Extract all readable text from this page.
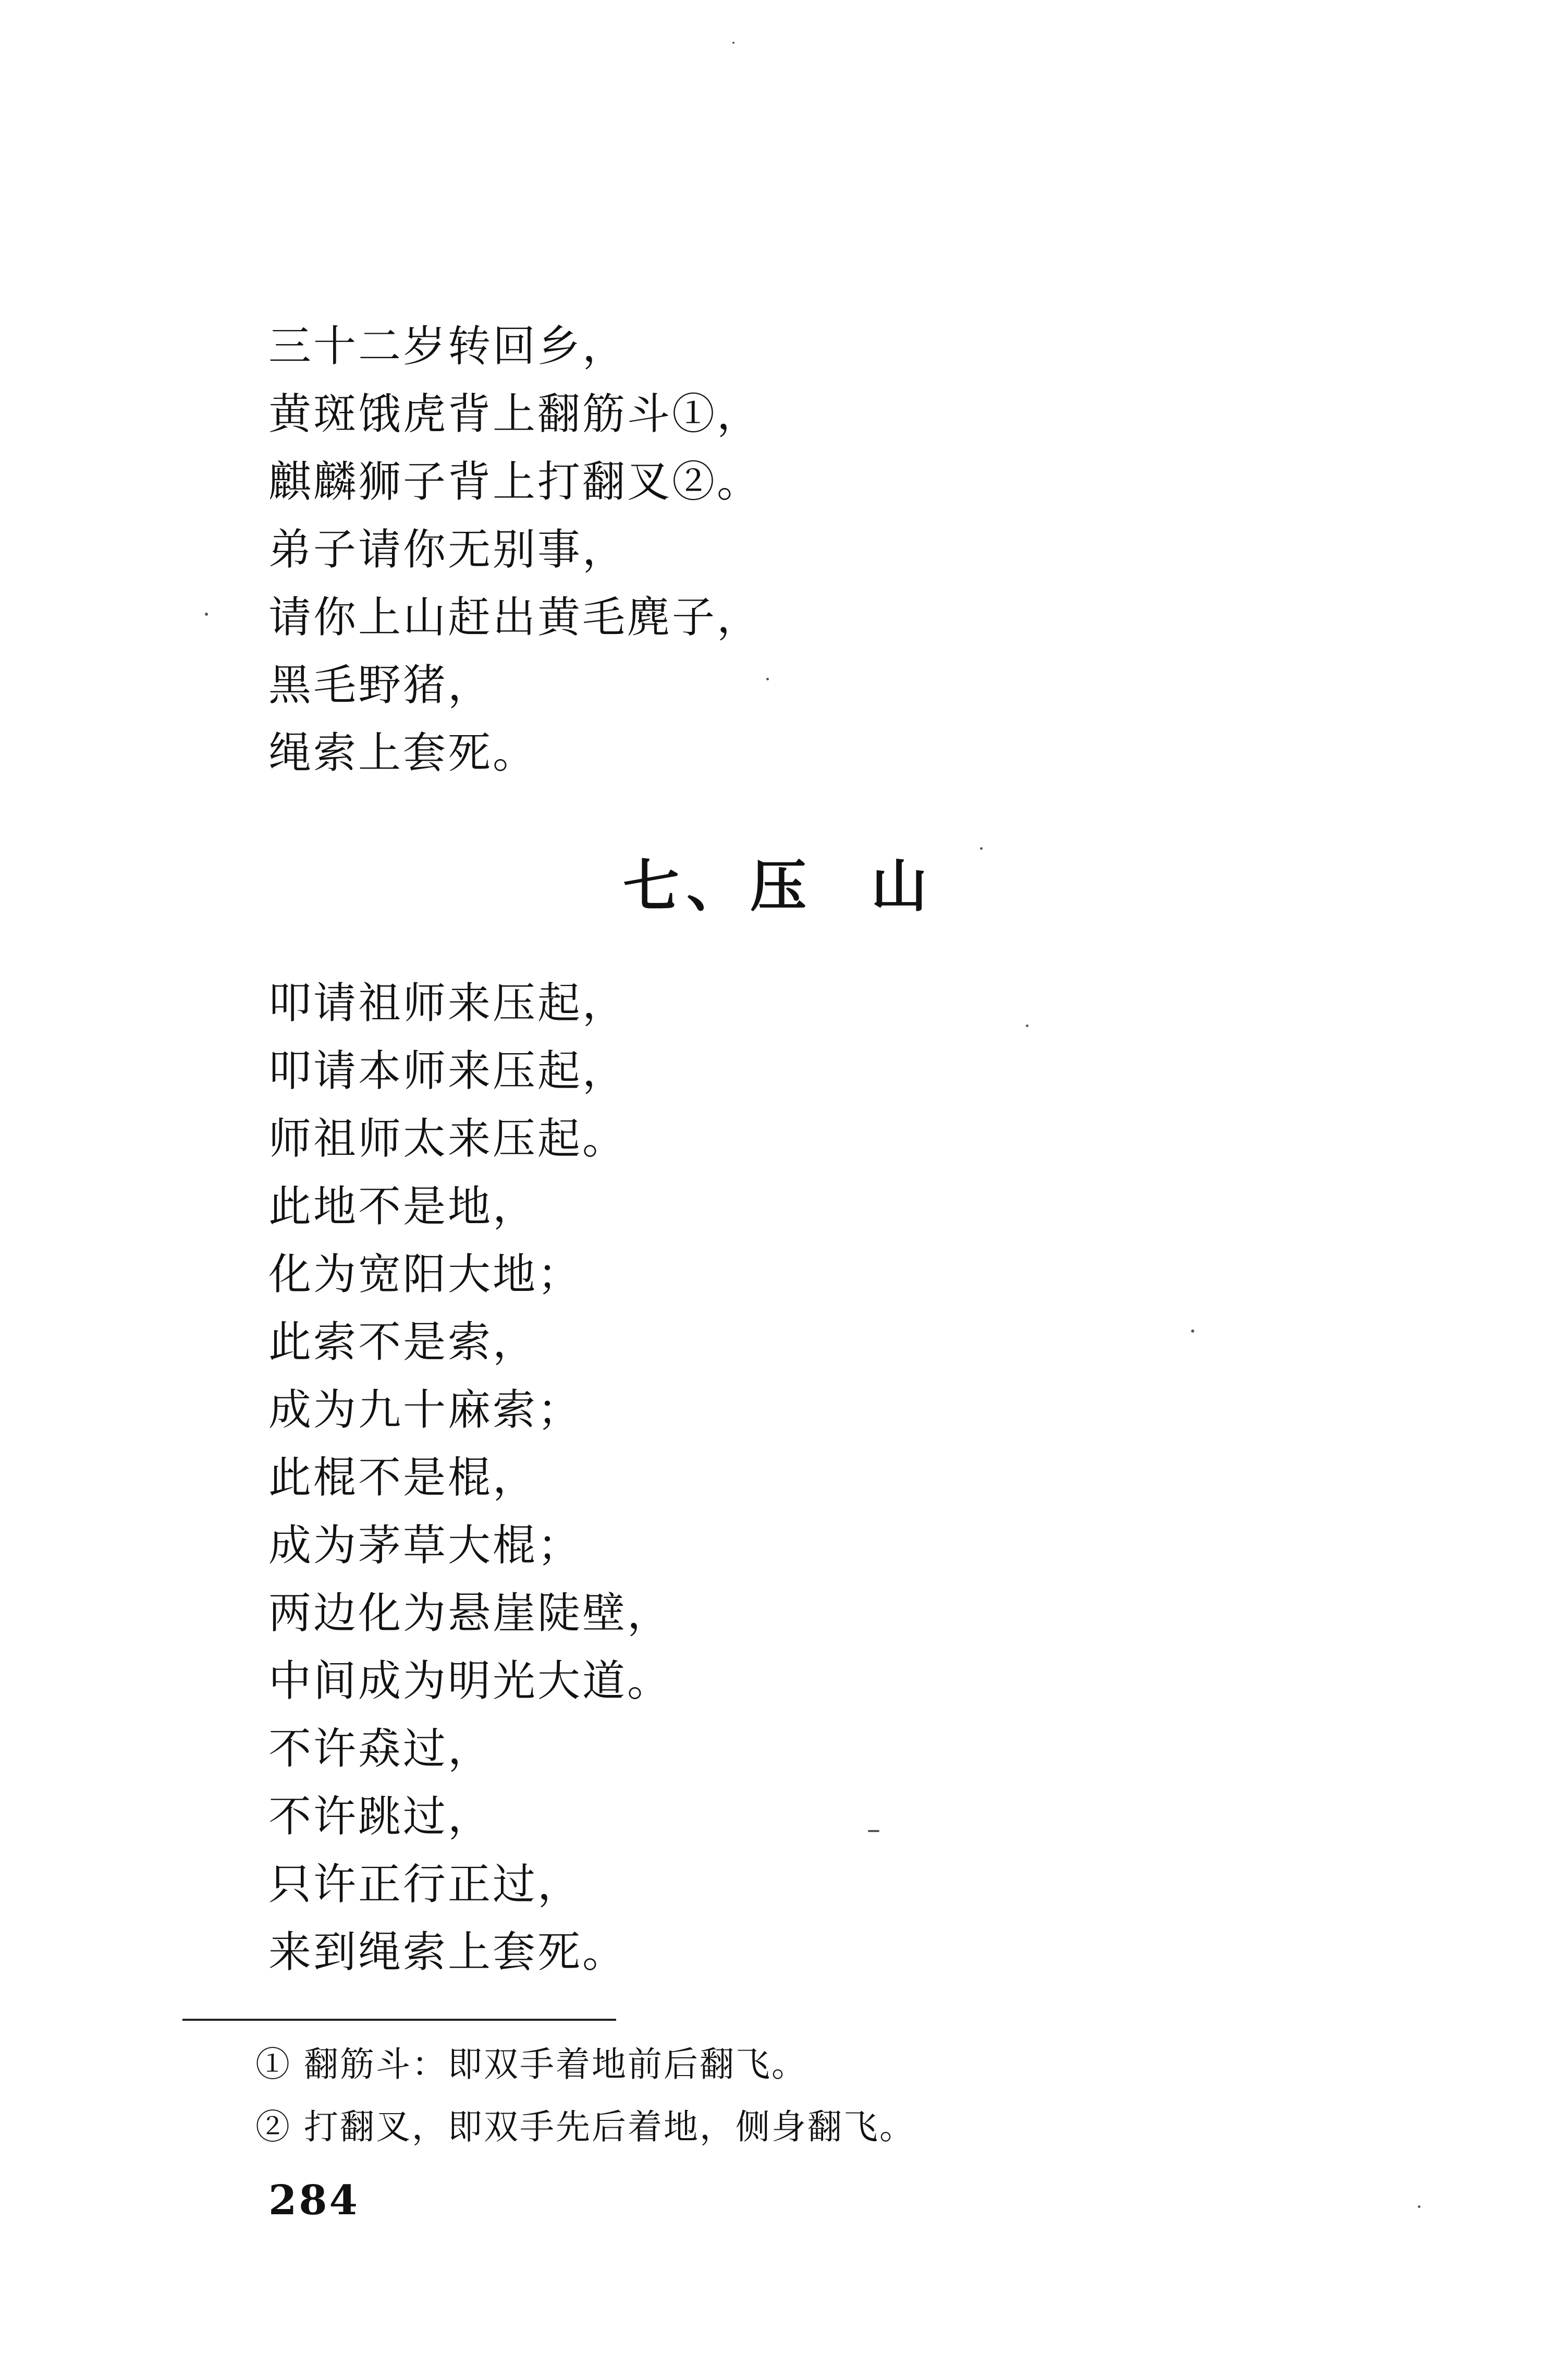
三十二岁转回乡，
黄斑饿虎背上翻筋斗①，
麒麟狮子背上打翻叉②。
弟子请你无别事，
请你上山赶出黄毛麂子，
黑毛野猪，
绳索上套死。
七、压 山
叩请祖师来压起，
叩请本师来压起，
师祖师太来压起。
此地不是地，
化为宽阳大地；
此索不是索，
成为九十麻索；
此棍不是棍，
成为茅草大棍；
两边化为悬崖陡壁，
中间成为明光大道。
不许猋过，
不许跳过，
只许正行正过，
来到绳索上套死。
① 翻筋斗：即双手着地前后翻飞。
② 打翻叉，即双手先后着地，侧身翻飞。
284
